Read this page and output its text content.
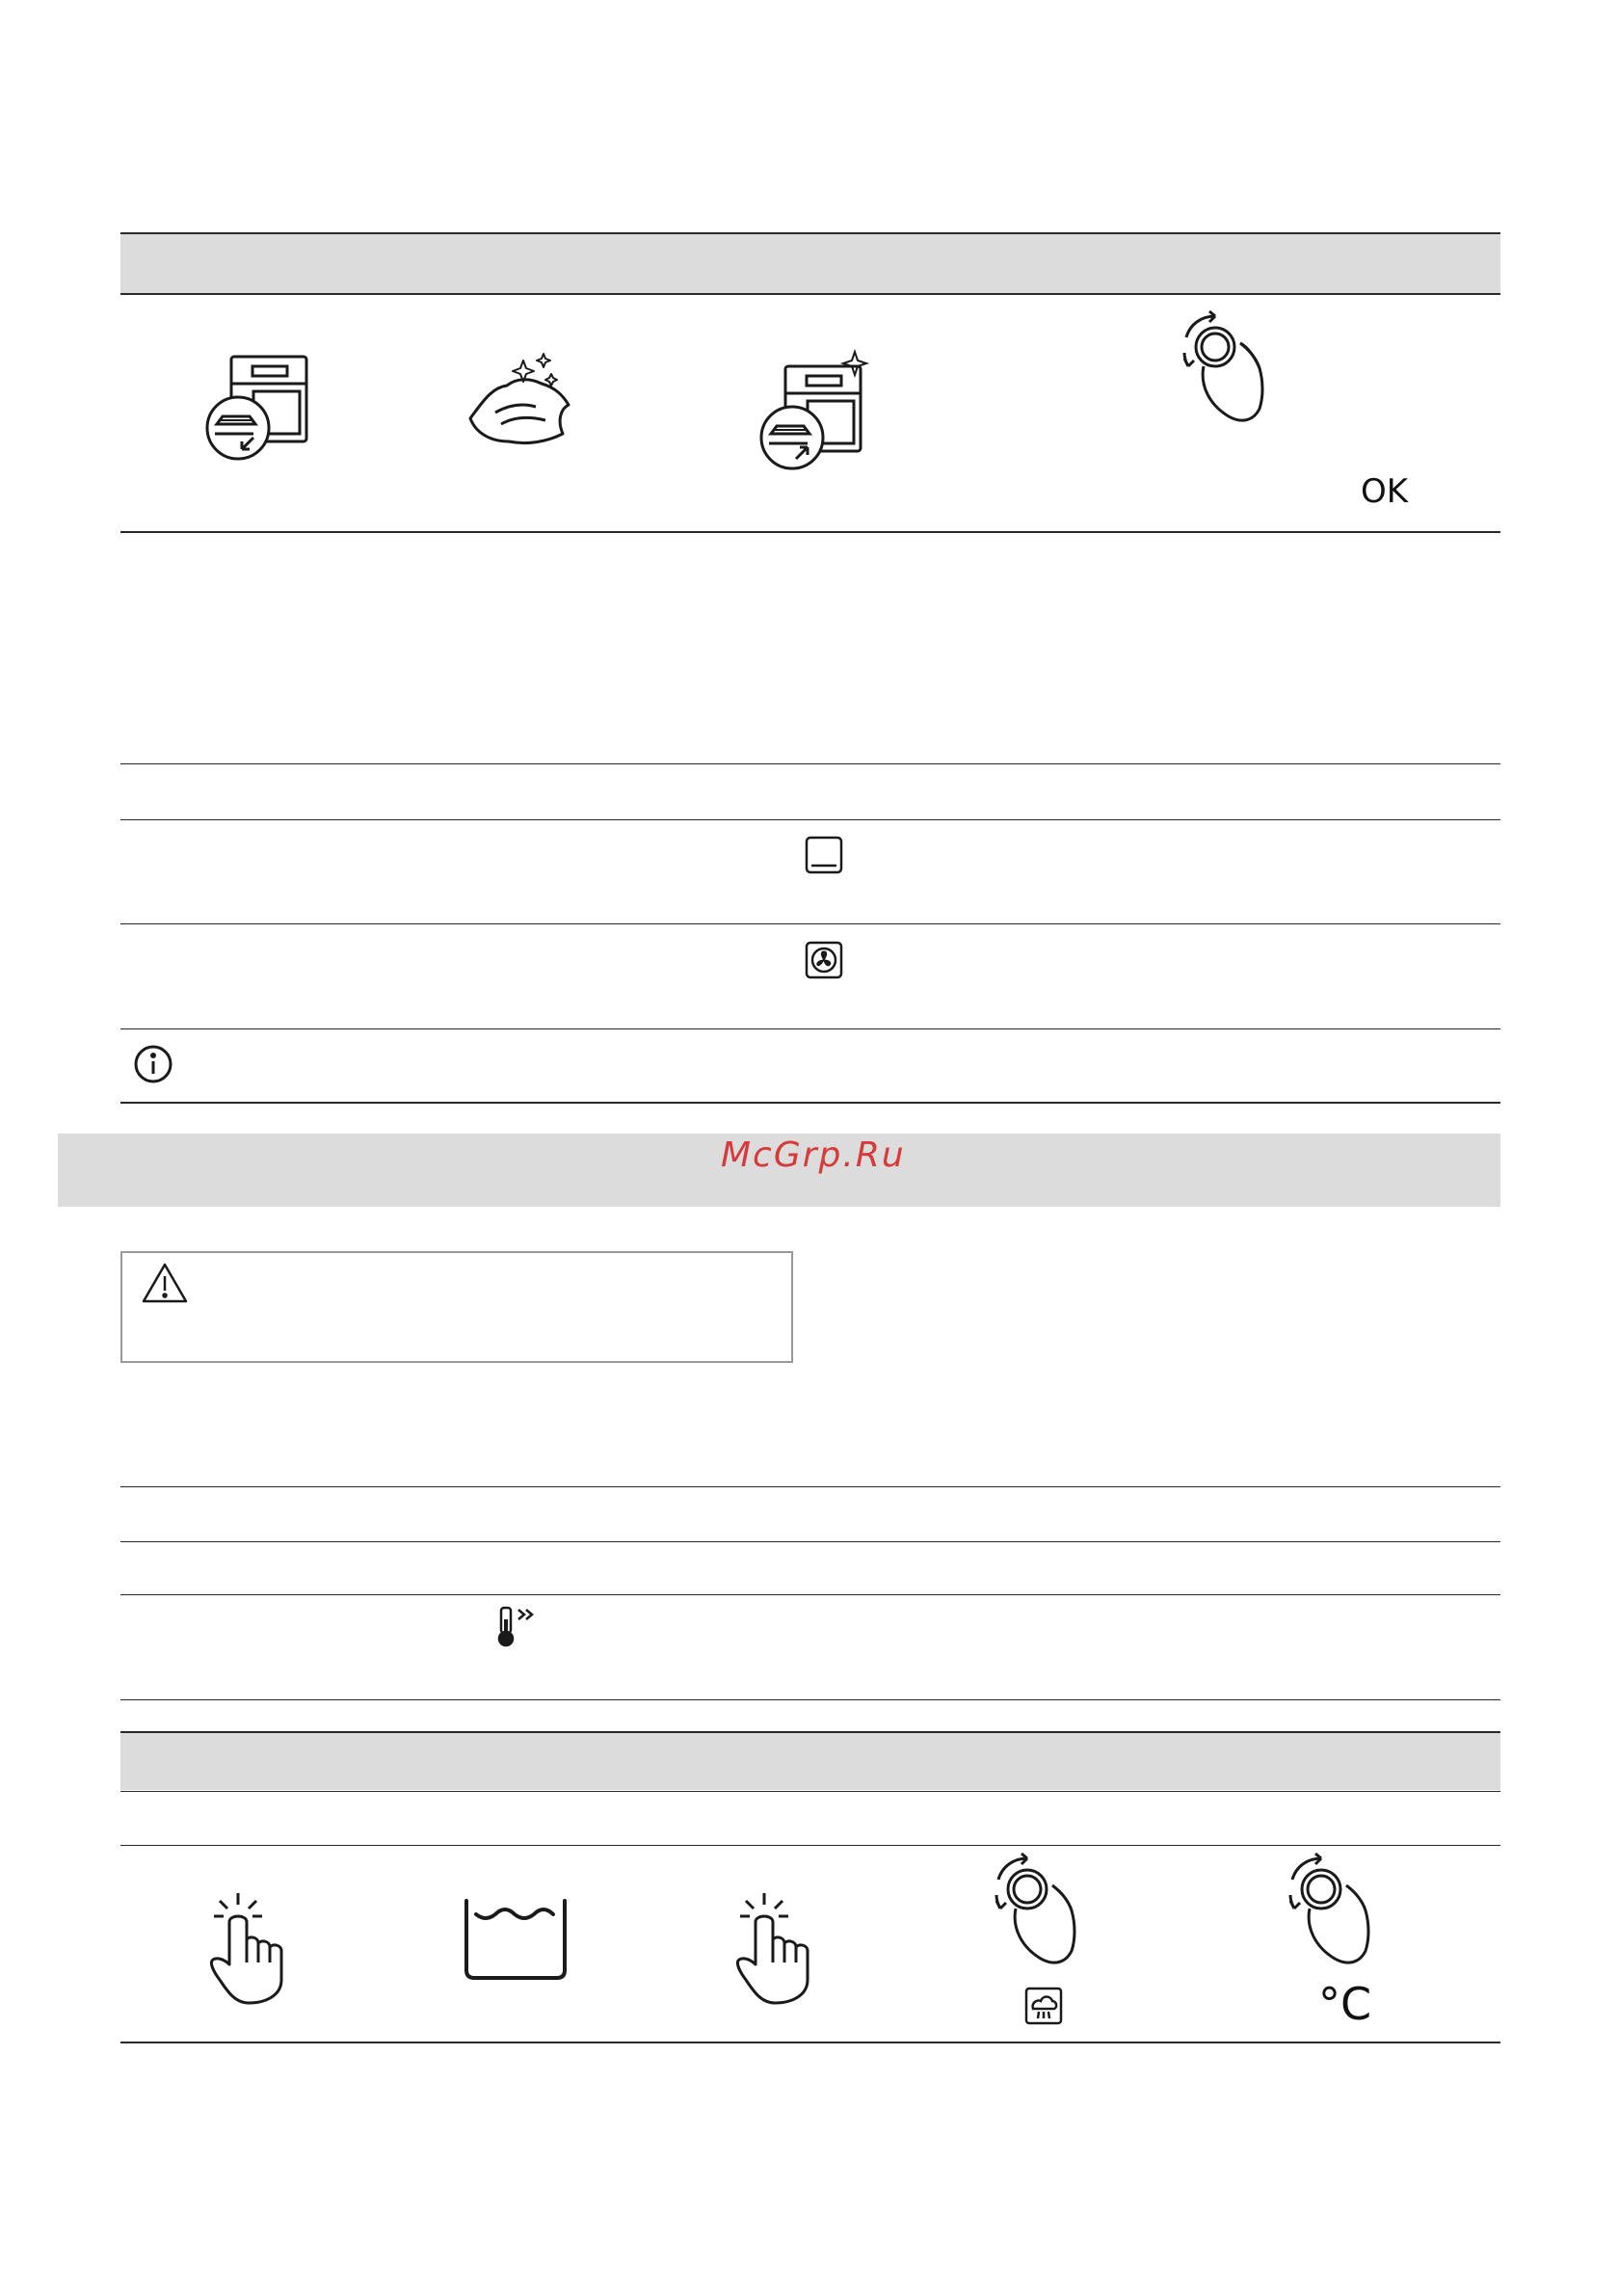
OK
McGrp.Ru
°C
